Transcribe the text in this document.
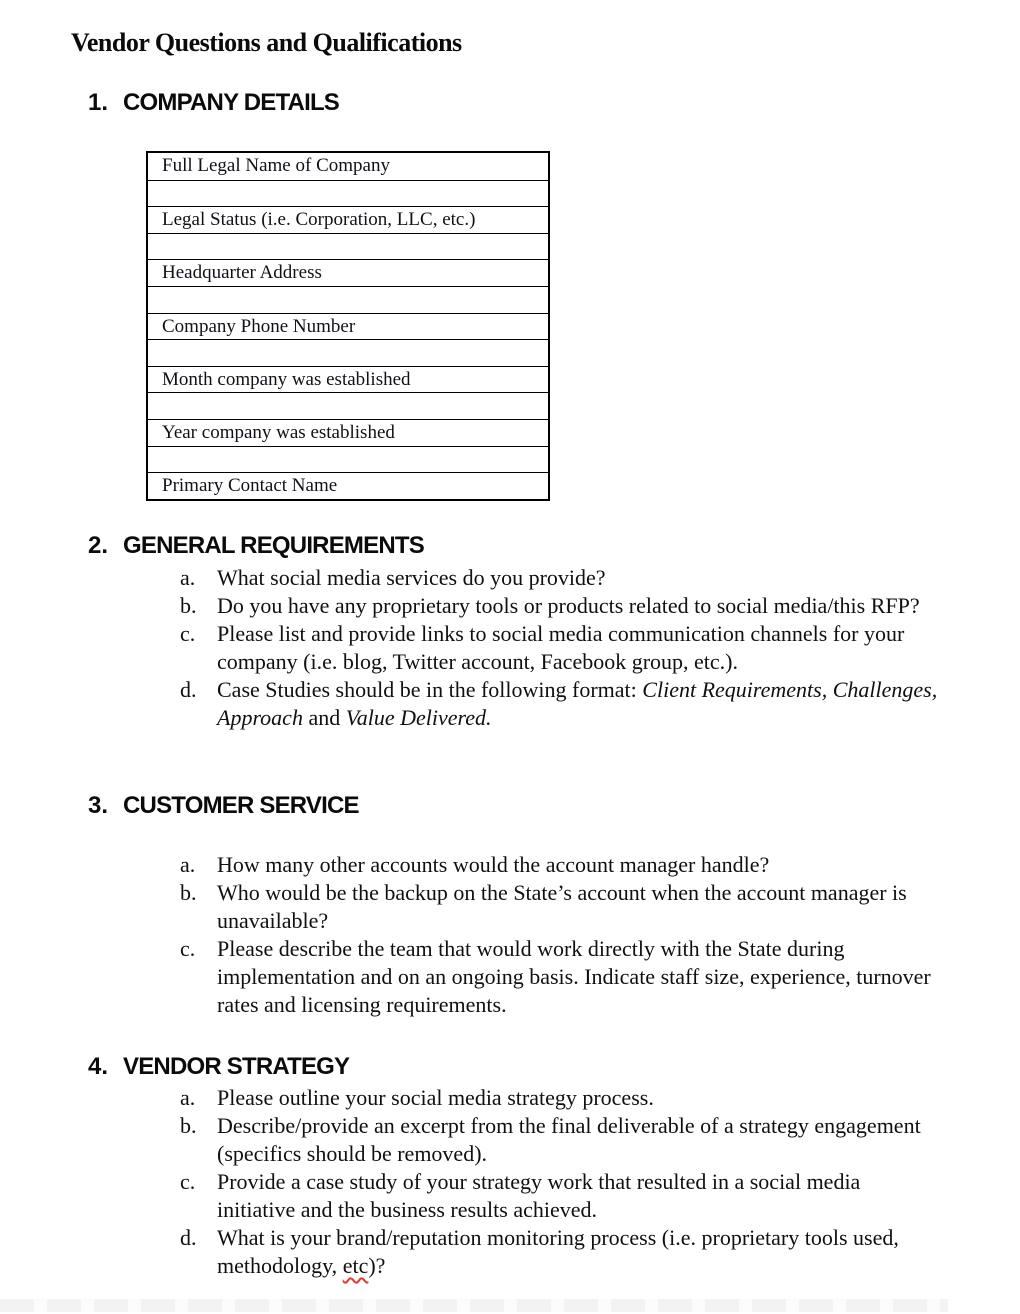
Vendor Questions and Qualifications
1. COMPANY DETAILS
Full Legal Name of Company
Legal Status (i.e. Corporation, LLC, etc.)
Headquarter Address
Company Phone Number
Month company was established
Year company was established
Primary Contact Name
2. GENERAL REQUIREMENTS
a. What social media services do you provide?
b. Do you have any proprietary tools or products related to social media/this RFP?
c. Please list and provide links to social media communication channels for your company (i.e. blog, Twitter account, Facebook group, etc.).
d. Case Studies should be in the following format: Client Requirements, Challenges, Approach and Value Delivered.
3. CUSTOMER SERVICE
a. How many other accounts would the account manager handle?
b. Who would be the backup on the State’s account when the account manager is unavailable?
c. Please describe the team that would work directly with the State during implementation and on an ongoing basis. Indicate staff size, experience, turnover rates and licensing requirements.
4. VENDOR STRATEGY
a. Please outline your social media strategy process.
b. Describe/provide an excerpt from the final deliverable of a strategy engagement (specifics should be removed).
c. Provide a case study of your strategy work that resulted in a social media initiative and the business results achieved.
d. What is your brand/reputation monitoring process (i.e. proprietary tools used, methodology, etc)?
